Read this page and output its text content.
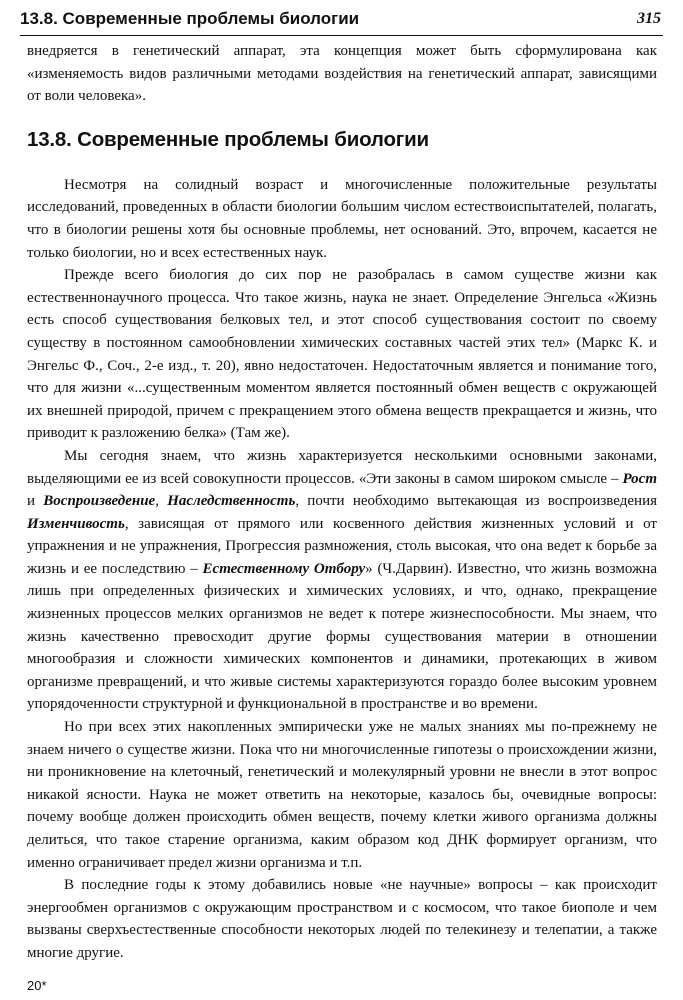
13.8. Современные проблемы биологии	315

внедряется в генетический аппарат, эта концепция может быть сформулирована как «изменяемость видов различными методами воздействия на генетический аппарат, зависящими от воли человека».

13.8. Современные проблемы биологии

Несмотря на солидный возраст и многочисленные положительные результаты исследований, проведенных в области биологии большим числом естествоиспытателей, полагать, что в биологии решены хотя бы основные проблемы, нет оснований. Это, впрочем, касается не только биологии, но и всех естественных наук.

Прежде всего биология до сих пор не разобралась в самом существе жизни как естественнонаучного процесса. Что такое жизнь, наука не знает. Определение Энгельса «Жизнь есть способ существования белковых тел, и этот способ существования состоит по своему существу в постоянном самообновлении химических составных частей этих тел» (Маркс К. и Энгельс Ф., Соч., 2-е изд., т. 20), явно недостаточен. Недостаточным является и понимание того, что для жизни «...существенным моментом является постоянный обмен веществ с окружающей их внешней природой, причем с прекращением этого обмена веществ прекращается и жизнь, что приводит к разложению белка» (Там же).

Мы сегодня знаем, что жизнь характеризуется несколькими основными законами, выделяющими ее из всей совокупности процессов. «Эти законы в самом широком смысле – Рост и Воспроизведение, Наследственность, почти необходимо вытекающая из воспроизведения Изменчивость, зависящая от прямого или косвенного действия жизненных условий и от упражнения и не упражнения, Прогрессия размножения, столь высокая, что она ведет к борьбе за жизнь и ее последствию – Естественному Отбору» (Ч.Дарвин). Известно, что жизнь возможна лишь при определенных физических и химических условиях, и что, однако, прекращение жизненных процессов мелких организмов не ведет к потере жизнеспособности. Мы знаем, что жизнь качественно превосходит другие формы существования материи в отношении многообразия и сложности химических компонентов и динамики, протекающих в живом организме превращений, и что живые системы характеризуются гораздо более высоким уровнем упорядоченности структурной и функциональной в пространстве и во времени.

Но при всех этих накопленных эмпирически уже не малых знаниях мы по-прежнему не знаем ничего о существе жизни. Пока что ни многочисленные гипотезы о происхождении жизни, ни проникновение на клеточный, генетический и молекулярный уровни не внесли в этот вопрос никакой ясности. Наука не может ответить на некоторые, казалось бы, очевидные вопросы: почему вообще должен происходить обмен веществ, почему клетки живого организма должны делиться, что такое старение организма, каким образом код ДНК формирует организм, что именно ограничивает предел жизни организма и т.п.

В последние годы к этому добавились новые «не научные» вопросы – как происходит энергообмен организмов с окружающим пространством и с космосом, что такое биополе и чем вызваны сверхъестественные способности некоторых людей по телекинезу и телепатии, а также многие другие.

20*
